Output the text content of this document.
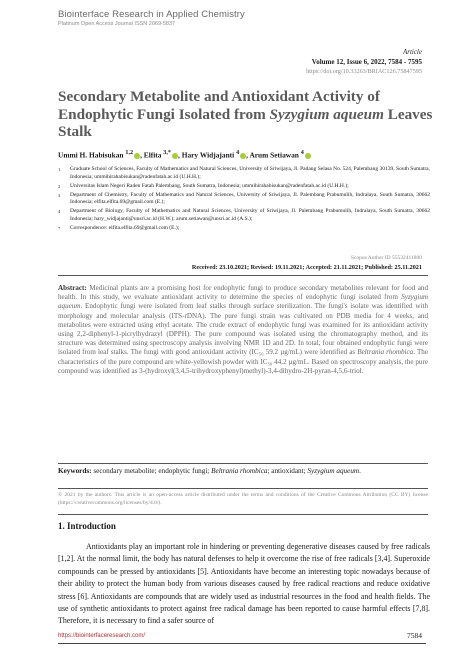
Biointerface Research in Applied Chemistry
Platinum Open Access Journal ISSN 2069-5837
Article
Volume 12, Issue 6, 2022, 7584 - 7595
https://doi.org/10.33263/BRIAC126.75847595
Secondary Metabolite and Antioxidant Activity of Endophytic Fungi Isolated from Syzygium aqueum Leaves Stalk
Ummi H. Habisukan $^{1,2}$ , Elfita $^{3,*}$ , Hary Widjajanti $^4$ , Arum Setiawan $^4$
1	Graduate School of Sciences, Faculty of Mathematics and Natural Sciences, University of Sriwijaya, Jl. Padang Selasa No. 524, Palembang 30139, South Sumatra, Indonesia; ummihirahabisukan@radenfatah.ac.id (U.H.H.);
2	Universitas Islam Negeri Raden Fatah Palembang, South Sumatra, Indonesia; ummihirahabisukan@radenfatah.ac.id (U.H.H.);
3	Department of Chemistry, Faculty of Mathematics and Natural Sciences, University of Sriwijaya, Jl. Palembang Prabumulih, Indralaya, South Sumatra, 30662 Indonesia; elfita.elfita.69@gmail.com (E.);
4	Department of Biology, Faculty of Mathematics and Natural Sciences, University of Sriwijaya, Jl. Palembang Prabumulih, Indralaya, South Sumatra, 30662 Indonesia; hary_widjajanti@unsri.ac.id (H.W.); arum.setiawan@unsri.ac.id (A.S.);
*	Correspondence: elfita.elfita.69@gmail.com (E.);
Scopus Author ID 55532411800
Received: 23.10.2021; Revised: 19.11.2021; Accepted: 21.11.2021; Published: 25.11.2021
Abstract: Medicinal plants are a promising host for endophytic fungi to produce secondary metabolites relevant for food and health. In this study, we evaluate antioxidant activity to determine the species of endophytic fungi isolated from Syzygium aqueum. Endophytic fungi were isolated from leaf stalks through surface sterilization. The fungi's isolate was identified with morphology and molecular analysis (ITS-rDNA). The pure fungi strain was cultivated on PDB media for 4 weeks, and metabolites were extracted using ethyl acetate. The crude extract of endophytic fungi was examined for its antioxidant activity using 2,2-diphenyl-1-picrylhydrazyl (DPPH). The pure compound was isolated using the chromatography method, and its structure was determined using spectroscopy analysis involving NMR 1D and 2D. In total, four obtained endophytic fungi were isolated from leaf stalks. The fungi with good antioxidant activity (IC₅₀ 59.2 µg/mL) were identified as Beltrania rhombica. The characteristics of the pure compound are white-yellowish powder with IC₅₀ 44.2 µg/mL. Based on spectroscopy analysis, the pure compound was identified as 3-(hydroxyl(3,4,5-trihydroxyphenyl)methyl)-3,4-dihydro-2H-pyran-4,5,6-triol.
Keywords: secondary metabolite; endophytic fungi; Beltrania rhombica; antioxidant; Syzygium aqueum.
© 2021 by the authors. This article is an open-access article distributed under the terms and conditions of the Creative Commons Attribution (CC BY) license (https://creativecommons.org/licenses/by/4.0/).
1. Introduction
Antioxidants play an important role in hindering or preventing degenerative diseases caused by free radicals [1,2]. At the normal limit, the body has natural defenses to help it overcome the rise of free radicals [3,4]. Superoxide compounds can be pressed by antioxidants [5]. Antioxidants have become an interesting topic nowadays because of their ability to protect the human body from various diseases caused by free radical reactions and reduce oxidative stress [6]. Antioxidants are compounds that are widely used as industrial resources in the food and health fields. The use of synthetic antioxidants to protect against free radical damage has been reported to cause harmful effects [7,8]. Therefore, it is necessary to find a safer source of
https://biointerfaceresearch.com/	7584
